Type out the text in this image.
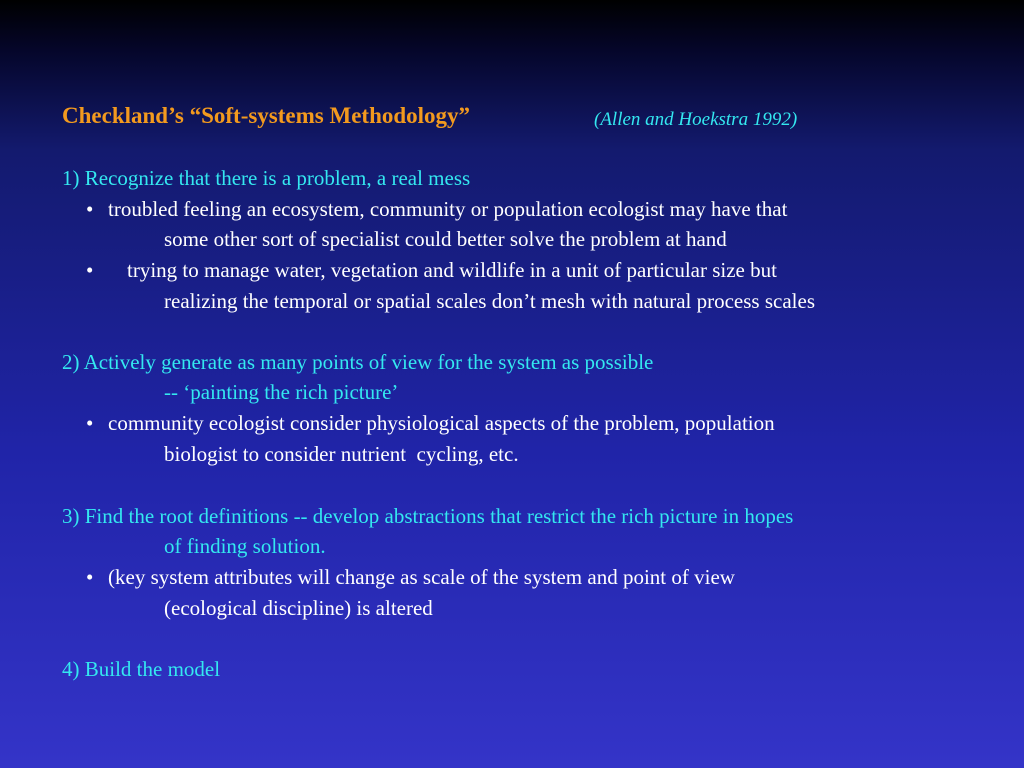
Checkland’s “Soft-systems Methodology”	(Allen and Hoekstra 1992)
1) Recognize that there is a problem, a real mess
• troubled feeling an ecosystem, community or population ecologist may have that
some other sort of specialist could better solve the problem at hand
• trying to manage water, vegetation and wildlife in a unit of particular size but
realizing the temporal or spatial scales don’t mesh with natural process scales
2) Actively generate as many points of view for the system as possible
-- ‘painting the rich picture’
• community ecologist consider physiological aspects of the problem, population
biologist to consider nutrient  cycling, etc.
3) Find the root definitions -- develop abstractions that restrict the rich picture in hopes
of finding solution.
• (key system attributes will change as scale of the system and point of view
(ecological discipline) is altered
4) Build the model
